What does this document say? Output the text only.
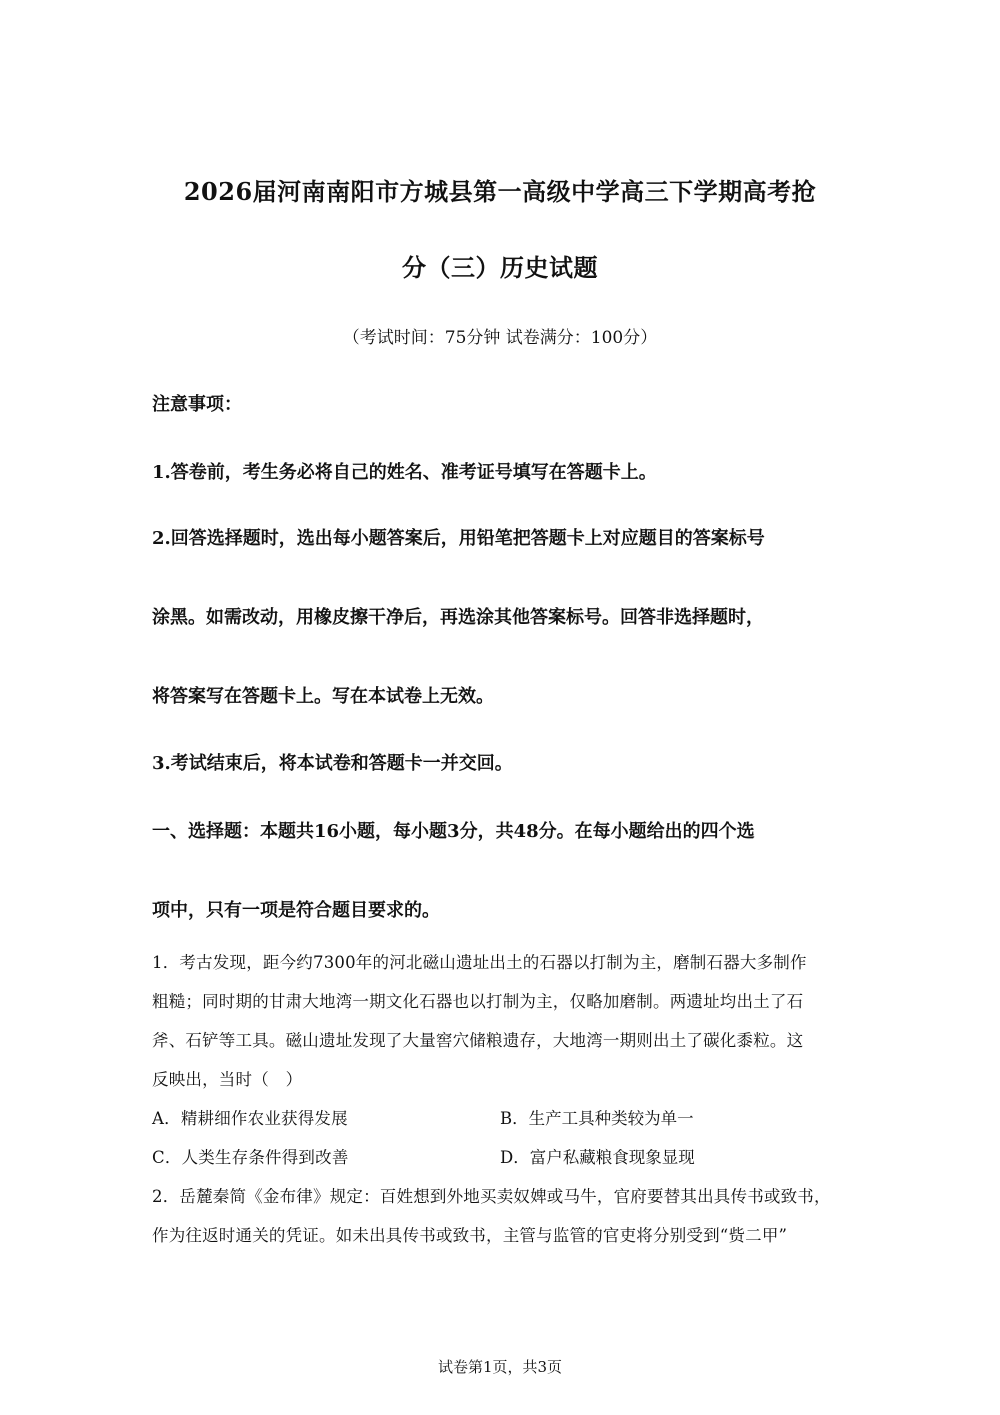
2026届河南南阳市方城县第一高级中学高三下学期高考抢
分（三）历史试题
（考试时间：75分钟 试卷满分：100分）
注意事项：
1.答卷前，考生务必将自己的姓名、准考证号填写在答题卡上。
2.回答选择题时，选出每小题答案后，用铅笔把答题卡上对应题目的答案标号
涂黑。如需改动，用橡皮擦干净后，再选涂其他答案标号。回答非选择题时，
将答案写在答题卡上。写在本试卷上无效。
3.考试结束后，将本试卷和答题卡一并交回。
一、选择题：本题共16小题，每小题3分，共48分。在每小题给出的四个选
项中，只有一项是符合题目要求的。
1．考古发现，距今约7300年的河北磁山遗址出土的石器以打制为主，磨制石器大多制作
粗糙；同时期的甘肃大地湾一期文化石器也以打制为主，仅略加磨制。两遗址均出土了石
斧、石铲等工具。磁山遗址发现了大量窖穴储粮遗存，大地湾一期则出土了碳化黍粒。这
反映出，当时（　）
A．精耕细作农业获得发展	B．生产工具种类较为单一
C．人类生存条件得到改善	D．富户私藏粮食现象显现
2．岳麓秦简《金布律》规定：百姓想到外地买卖奴婢或马牛，官府要替其出具传书或致书，
作为往返时通关的凭证。如未出具传书或致书，主管与监管的官吏将分别受到“赀二甲”
试卷第1页，共3页
